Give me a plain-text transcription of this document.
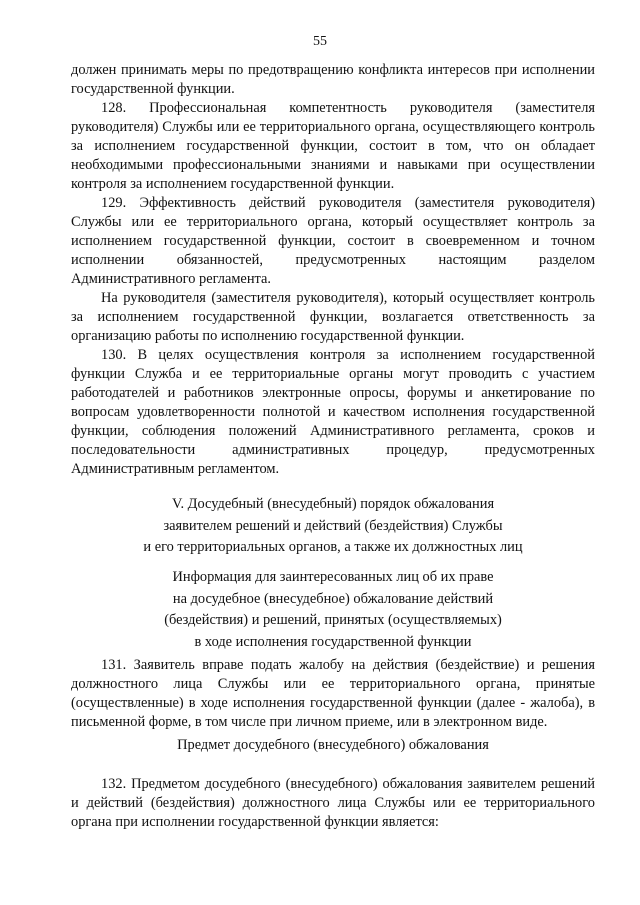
55

должен принимать меры по предотвращению конфликта интересов при исполнении государственной функции.

128. Профессиональная компетентность руководителя (заместителя руководителя) Службы или ее территориального органа, осуществляющего контроль за исполнением государственной функции, состоит в том, что он обладает необходимыми профессиональными знаниями и навыками при осуществлении контроля за исполнением государственной функции.

129. Эффективность действий руководителя (заместителя руководителя) Службы или ее территориального органа, который осуществляет контроль за исполнением государственной функции, состоит в своевременном и точном исполнении обязанностей, предусмотренных настоящим разделом Административного регламента.

На руководителя (заместителя руководителя), который осуществляет контроль за исполнением государственной функции, возлагается ответственность за организацию работы по исполнению государственной функции.

130. В целях осуществления контроля за исполнением государственной функции Служба и ее территориальные органы могут проводить с участием работодателей и работников электронные опросы, форумы и анкетирование по вопросам удовлетворенности полнотой и качеством исполнения государственной функции, соблюдения положений Административного регламента, сроков и последовательности административных процедур, предусмотренных Административным регламентом.

V. Досудебный (внесудебный) порядок обжалования
заявителем решений и действий (бездействия) Службы
и его территориальных органов, а также их должностных лиц
Информация для заинтересованных лиц об их праве
на досудебное (внесудебное) обжалование действий
(бездействия) и решений, принятых (осуществляемых)
в ходе исполнения государственной функции

131. Заявитель вправе подать жалобу на действия (бездействие) и решения должностного лица Службы или ее территориального органа, принятые (осуществленные) в ходе исполнения государственной функции (далее - жалоба), в письменной форме, в том числе при личном приеме, или в электронном виде.

Предмет досудебного (внесудебного) обжалования

132. Предметом досудебного (внесудебного) обжалования заявителем решений и действий (бездействия) должностного лица Службы или ее территориального органа при исполнении государственной функции является:
